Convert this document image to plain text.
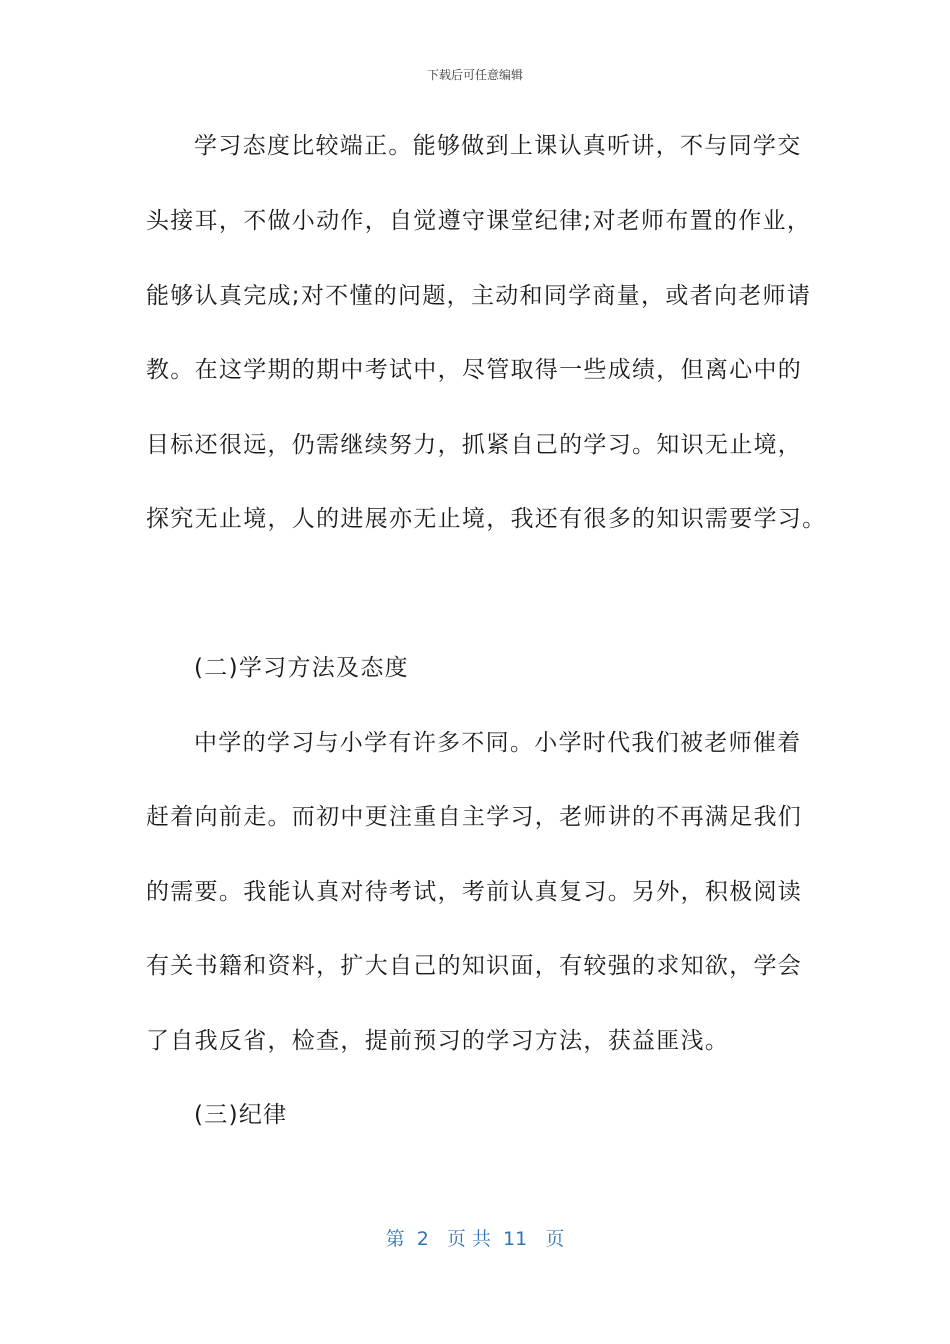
下载后可任意编辑
学习态度比较端正。能够做到上课认真听讲，不与同学交
头接耳，不做小动作，自觉遵守课堂纪律;对老师布置的作业，
能够认真完成;对不懂的问题，主动和同学商量，或者向老师请
教。在这学期的期中考试中，尽管取得一些成绩，但离心中的
目标还很远，仍需继续努力，抓紧自己的学习。知识无止境，
探究无止境，人的进展亦无止境，我还有很多的知识需要学习。
(二)学习方法及态度
中学的学习与小学有许多不同。小学时代我们被老师催着
赶着向前走。而初中更注重自主学习，老师讲的不再满足我们
的需要。我能认真对待考试，考前认真复习。另外，积极阅读
有关书籍和资料，扩大自己的知识面，有较强的求知欲，学会
了自我反省，检查，提前预习的学习方法，获益匪浅。
(三)纪律
第  2   页 共  11   页
